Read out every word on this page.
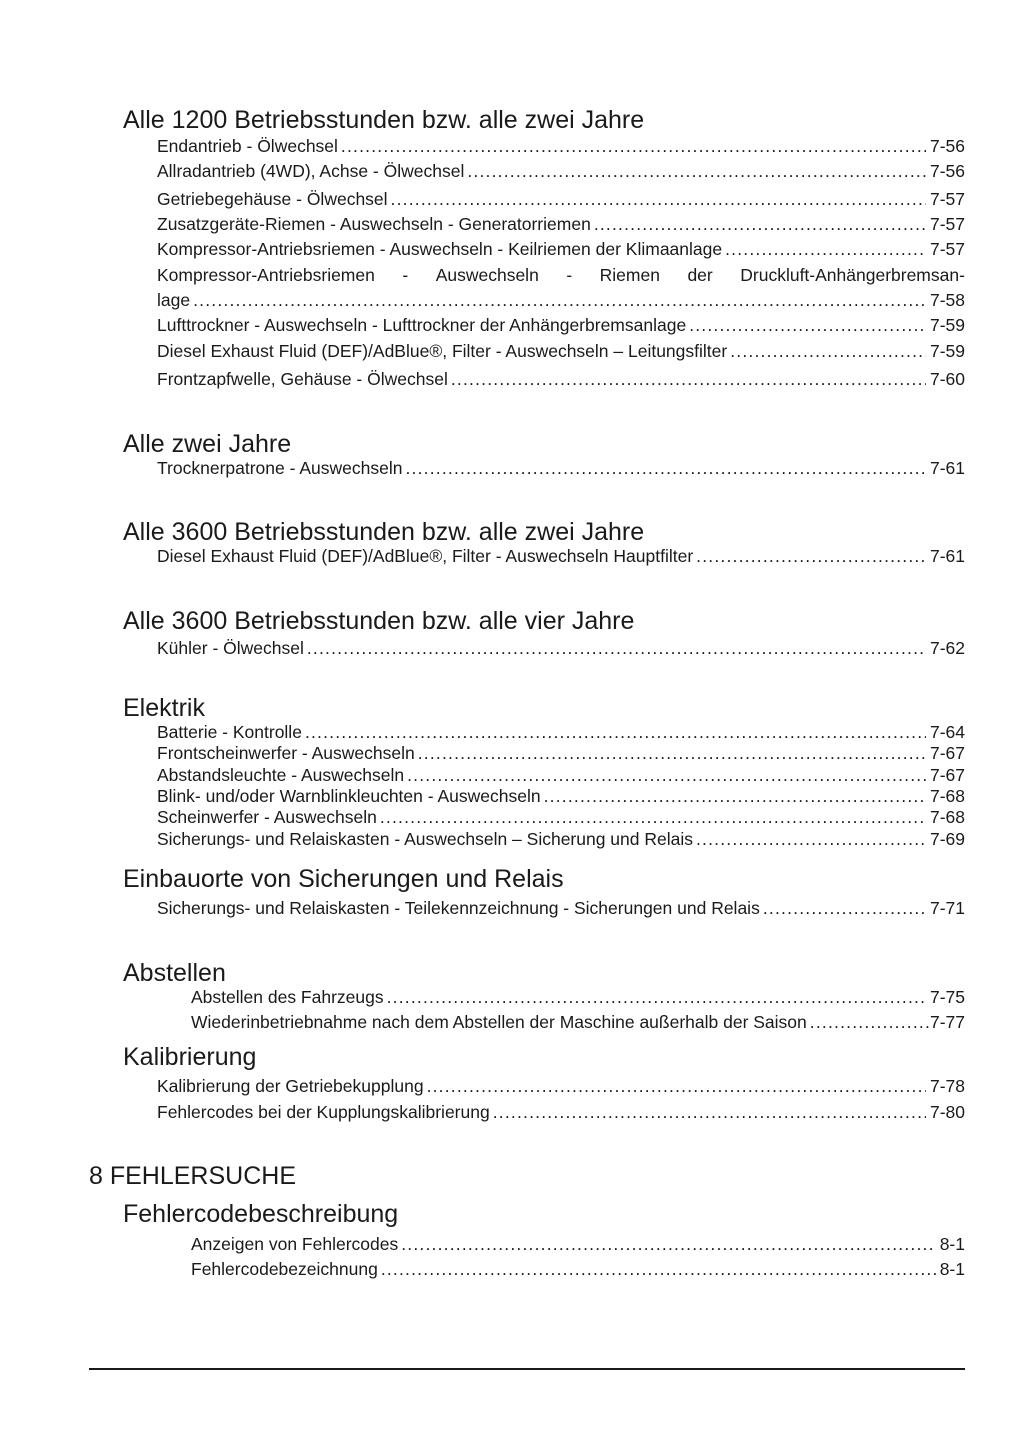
Alle 1200 Betriebsstunden bzw. alle zwei Jahre
Endantrieb - Ölwechsel .....	7-56
Allradantrieb (4WD), Achse - Ölwechsel .....	7-56
Getriebegehäuse - Ölwechsel .....	7-57
Zusatzgeräte-Riemen - Auswechseln - Generatorriemen .....	7-57
Kompressor-Antriebsriemen - Auswechseln - Keilriemen der Klimaanlage .....	7-57
Kompressor-Antriebsriemen - Auswechseln - Riemen der Druckluft-Anhängerbremsan-
lage .....	7-58
Lufttrockner - Auswechseln - Lufttrockner der Anhängerbremsanlage .....	7-59
Diesel Exhaust Fluid (DEF)/AdBlue®, Filter - Auswechseln – Leitungsfilter .....	7-59
Frontzapfwelle, Gehäuse - Ölwechsel .....	7-60
Alle zwei Jahre
Trocknerpatrone - Auswechseln .....	7-61
Alle 3600 Betriebsstunden bzw. alle zwei Jahre
Diesel Exhaust Fluid (DEF)/AdBlue®, Filter - Auswechseln Hauptfilter .....	7-61
Alle 3600 Betriebsstunden bzw. alle vier Jahre
Kühler - Ölwechsel .....	7-62
Elektrik
Batterie - Kontrolle .....	7-64
Frontscheinwerfer - Auswechseln .....	7-67
Abstandsleuchte - Auswechseln .....	7-67
Blink- und/oder Warnblinkleuchten - Auswechseln .....	7-68
Scheinwerfer - Auswechseln .....	7-68
Sicherungs- und Relaiskasten - Auswechseln – Sicherung und Relais .....	7-69
Einbauorte von Sicherungen und Relais
Sicherungs- und Relaiskasten - Teilekennzeichnung - Sicherungen und Relais .....	7-71
Abstellen
Abstellen des Fahrzeugs .....	7-75
Wiederinbetriebnahme nach dem Abstellen der Maschine außerhalb der Saison .....	7-77
Kalibrierung
Kalibrierung der Getriebekupplung .....	7-78
Fehlercodes bei der Kupplungskalibrierung .....	7-80
8 FEHLERSUCHE
Fehlercodebeschreibung
Anzeigen von Fehlercodes .....	8-1
Fehlercodebezeichnung .....	8-1
